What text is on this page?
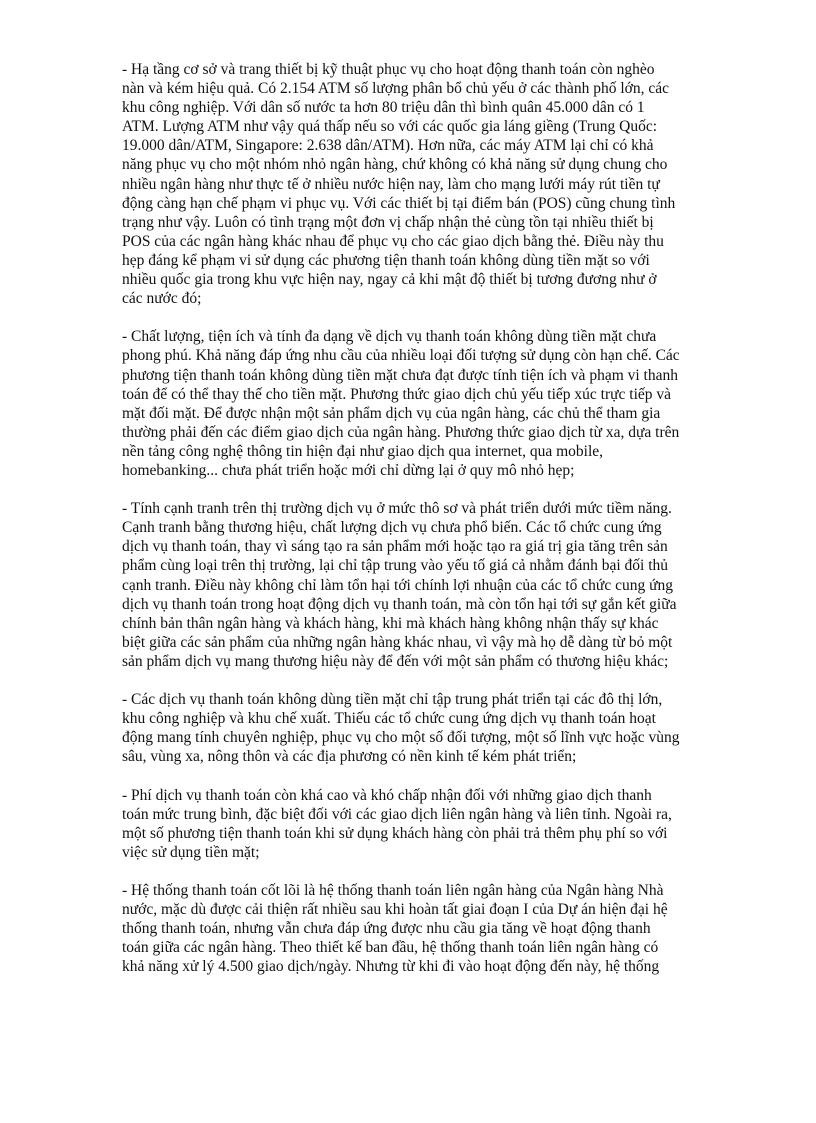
- Hạ tầng cơ sở và trang thiết bị kỹ thuật phục vụ cho hoạt động thanh toán còn nghèo
nàn và kém hiệu quả. Có 2.154 ATM số lượng phân bổ chủ yếu ở các thành phố lớn, các
khu công nghiệp. Với dân số nước ta hơn 80 triệu dân thì bình quân 45.000 dân có 1
ATM. Lượng ATM như vậy quá thấp nếu so với các quốc gia láng giềng (Trung Quốc:
19.000 dân/ATM, Singapore: 2.638 dân/ATM). Hơn nữa, các máy ATM lại chỉ có khả
năng phục vụ cho một nhóm nhỏ ngân hàng, chứ không có khả năng sử dụng chung cho
nhiều ngân hàng như thực tế ở nhiều nước hiện nay, làm cho mạng lưới máy rút tiền tự
động càng hạn chế phạm vi phục vụ. Với các thiết bị tại điểm bán (POS) cũng chung tình
trạng như vậy. Luôn có tình trạng một đơn vị chấp nhận thẻ cùng tồn tại nhiều thiết bị
POS của các ngân hàng khác nhau để phục vụ cho các giao dịch bằng thẻ. Điều này thu
hẹp đáng kể phạm vi sử dụng các phương tiện thanh toán không dùng tiền mặt so với
nhiều quốc gia trong khu vực hiện nay, ngay cả khi mật độ thiết bị tương đương như ở
các nước đó;

- Chất lượng, tiện ích và tính đa dạng về dịch vụ thanh toán không dùng tiền mặt chưa
phong phú. Khả năng đáp ứng nhu cầu của nhiều loại đối tượng sử dụng còn hạn chế. Các
phương tiện thanh toán không dùng tiền mặt chưa đạt được tính tiện ích và phạm vi thanh
toán để có thể thay thế cho tiền mặt. Phương thức giao dịch chủ yếu tiếp xúc trực tiếp và
mặt đối mặt. Để được nhận một sản phẩm dịch vụ của ngân hàng, các chủ thể tham gia
thường phải đến các điểm giao dịch của ngân hàng. Phương thức giao dịch từ xa, dựa trên
nền tảng công nghệ thông tin hiện đại như giao dịch qua internet, qua mobile,
homebanking... chưa phát triển hoặc mới chỉ dừng lại ở quy mô nhỏ hẹp;

- Tính cạnh tranh trên thị trường dịch vụ ở mức thô sơ và phát triển dưới mức tiềm năng.
Cạnh tranh bằng thương hiệu, chất lượng dịch vụ chưa phổ biến. Các tổ chức cung ứng
dịch vụ thanh toán, thay vì sáng tạo ra sản phẩm mới hoặc tạo ra giá trị gia tăng trên sản
phẩm cùng loại trên thị trường, lại chỉ tập trung vào yếu tố giá cả nhằm đánh bại đối thủ
cạnh tranh. Điều này không chỉ làm tổn hại tới chính lợi nhuận của các tổ chức cung ứng
dịch vụ thanh toán trong hoạt động dịch vụ thanh toán, mà còn tổn hại tới sự gắn kết giữa
chính bản thân ngân hàng và khách hàng, khi mà khách hàng không nhận thấy sự khác
biệt giữa các sản phẩm của những ngân hàng khác nhau, vì vậy mà họ dễ dàng từ bỏ một
sản phẩm dịch vụ mang thương hiệu này để đến với một sản phẩm có thương hiệu khác;

- Các dịch vụ thanh toán không dùng tiền mặt chỉ tập trung phát triển tại các đô thị lớn,
khu công nghiệp và khu chế xuất. Thiếu các tổ chức cung ứng dịch vụ thanh toán hoạt
động mang tính chuyên nghiệp, phục vụ cho một số đối tượng, một số lĩnh vực hoặc vùng
sâu, vùng xa, nông thôn và các địa phương có nền kinh tế kém phát triển;

- Phí dịch vụ thanh toán còn khá cao và khó chấp nhận đối với những giao dịch thanh
toán mức trung bình, đặc biệt đối với các giao dịch liên ngân hàng và liên tỉnh. Ngoài ra,
một số phương tiện thanh toán khi sử dụng khách hàng còn phải trả thêm phụ phí so với
việc sử dụng tiền mặt;

- Hệ thống thanh toán cốt lõi là hệ thống thanh toán liên ngân hàng của Ngân hàng Nhà
nước, mặc dù được cải thiện rất nhiều sau khi hoàn tất giai đoạn I của Dự án hiện đại hệ
thống thanh toán, nhưng vẫn chưa đáp ứng được nhu cầu gia tăng về hoạt động thanh
toán giữa các ngân hàng. Theo thiết kế ban đầu, hệ thống thanh toán liên ngân hàng có
khả năng xử lý 4.500 giao dịch/ngày. Nhưng từ khi đi vào hoạt động đến này, hệ thống
